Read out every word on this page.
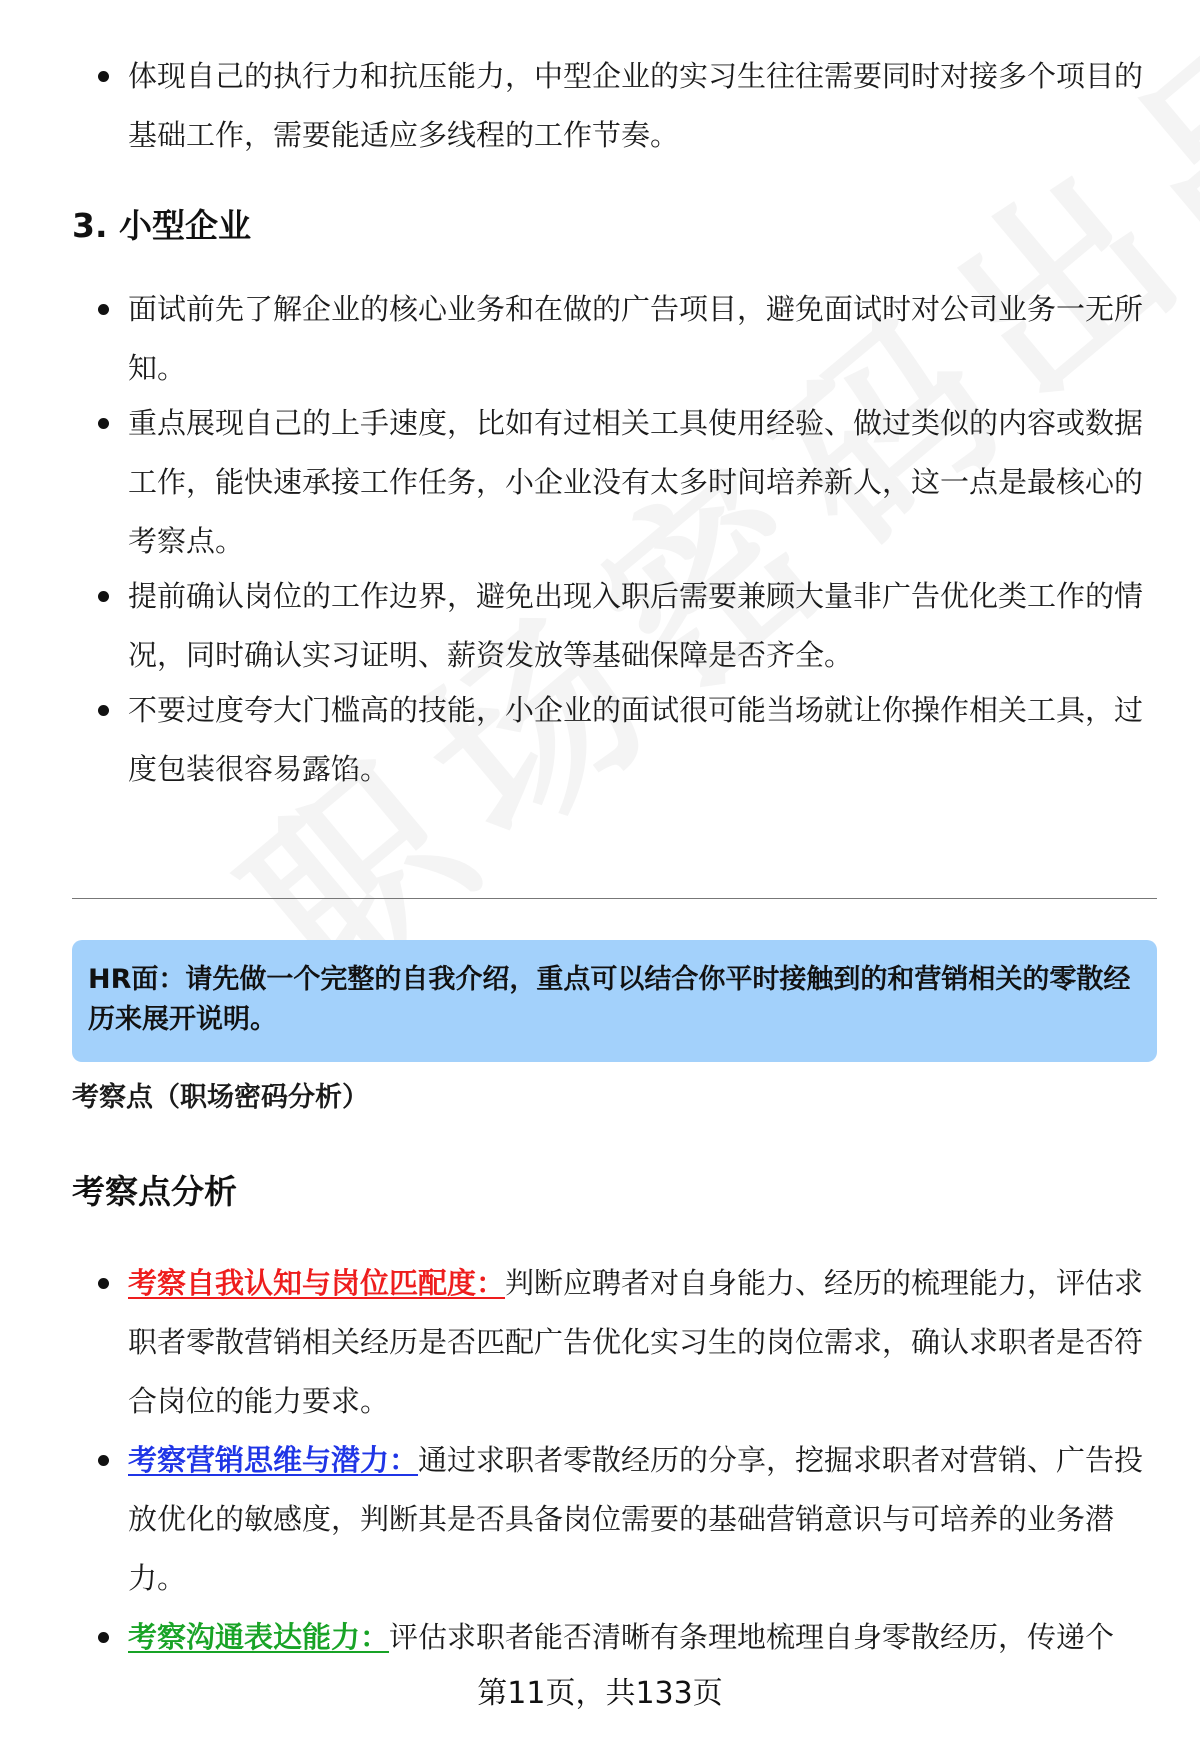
体现自己的执行力和抗压能力，中型企业的实习生往往需要同时对接多个项目的基础工作，需要能适应多线程的工作节奏。
3. 小型企业
面试前先了解企业的核心业务和在做的广告项目，避免面试时对公司业务一无所知。
重点展现自己的上手速度，比如有过相关工具使用经验、做过类似的内容或数据工作，能快速承接工作任务，小企业没有太多时间培养新人，这一点是最核心的考察点。
提前确认岗位的工作边界，避免出现入职后需要兼顾大量非广告优化类工作的情况，同时确认实习证明、薪资发放等基础保障是否齐全。
不要过度夸大门槛高的技能，小企业的面试很可能当场就让你操作相关工具，过度包装很容易露馅。
HR面：请先做一个完整的自我介绍，重点可以结合你平时接触到的和营销相关的零散经历来展开说明。
考察点（职场密码分析）
考察点分析
考察自我认知与岗位匹配度：判断应聘者对自身能力、经历的梳理能力，评估求职者零散营销相关经历是否匹配广告优化实习生的岗位需求，确认求职者是否符合岗位的能力要求。
考察营销思维与潜力：通过求职者零散经历的分享，挖掘求职者对营销、广告投放优化的敏感度，判断其是否具备岗位需要的基础营销意识与可培养的业务潜力。
考察沟通表达能力：评估求职者能否清晰有条理地梳理自身零散经历，传递个
第11页，共133页
